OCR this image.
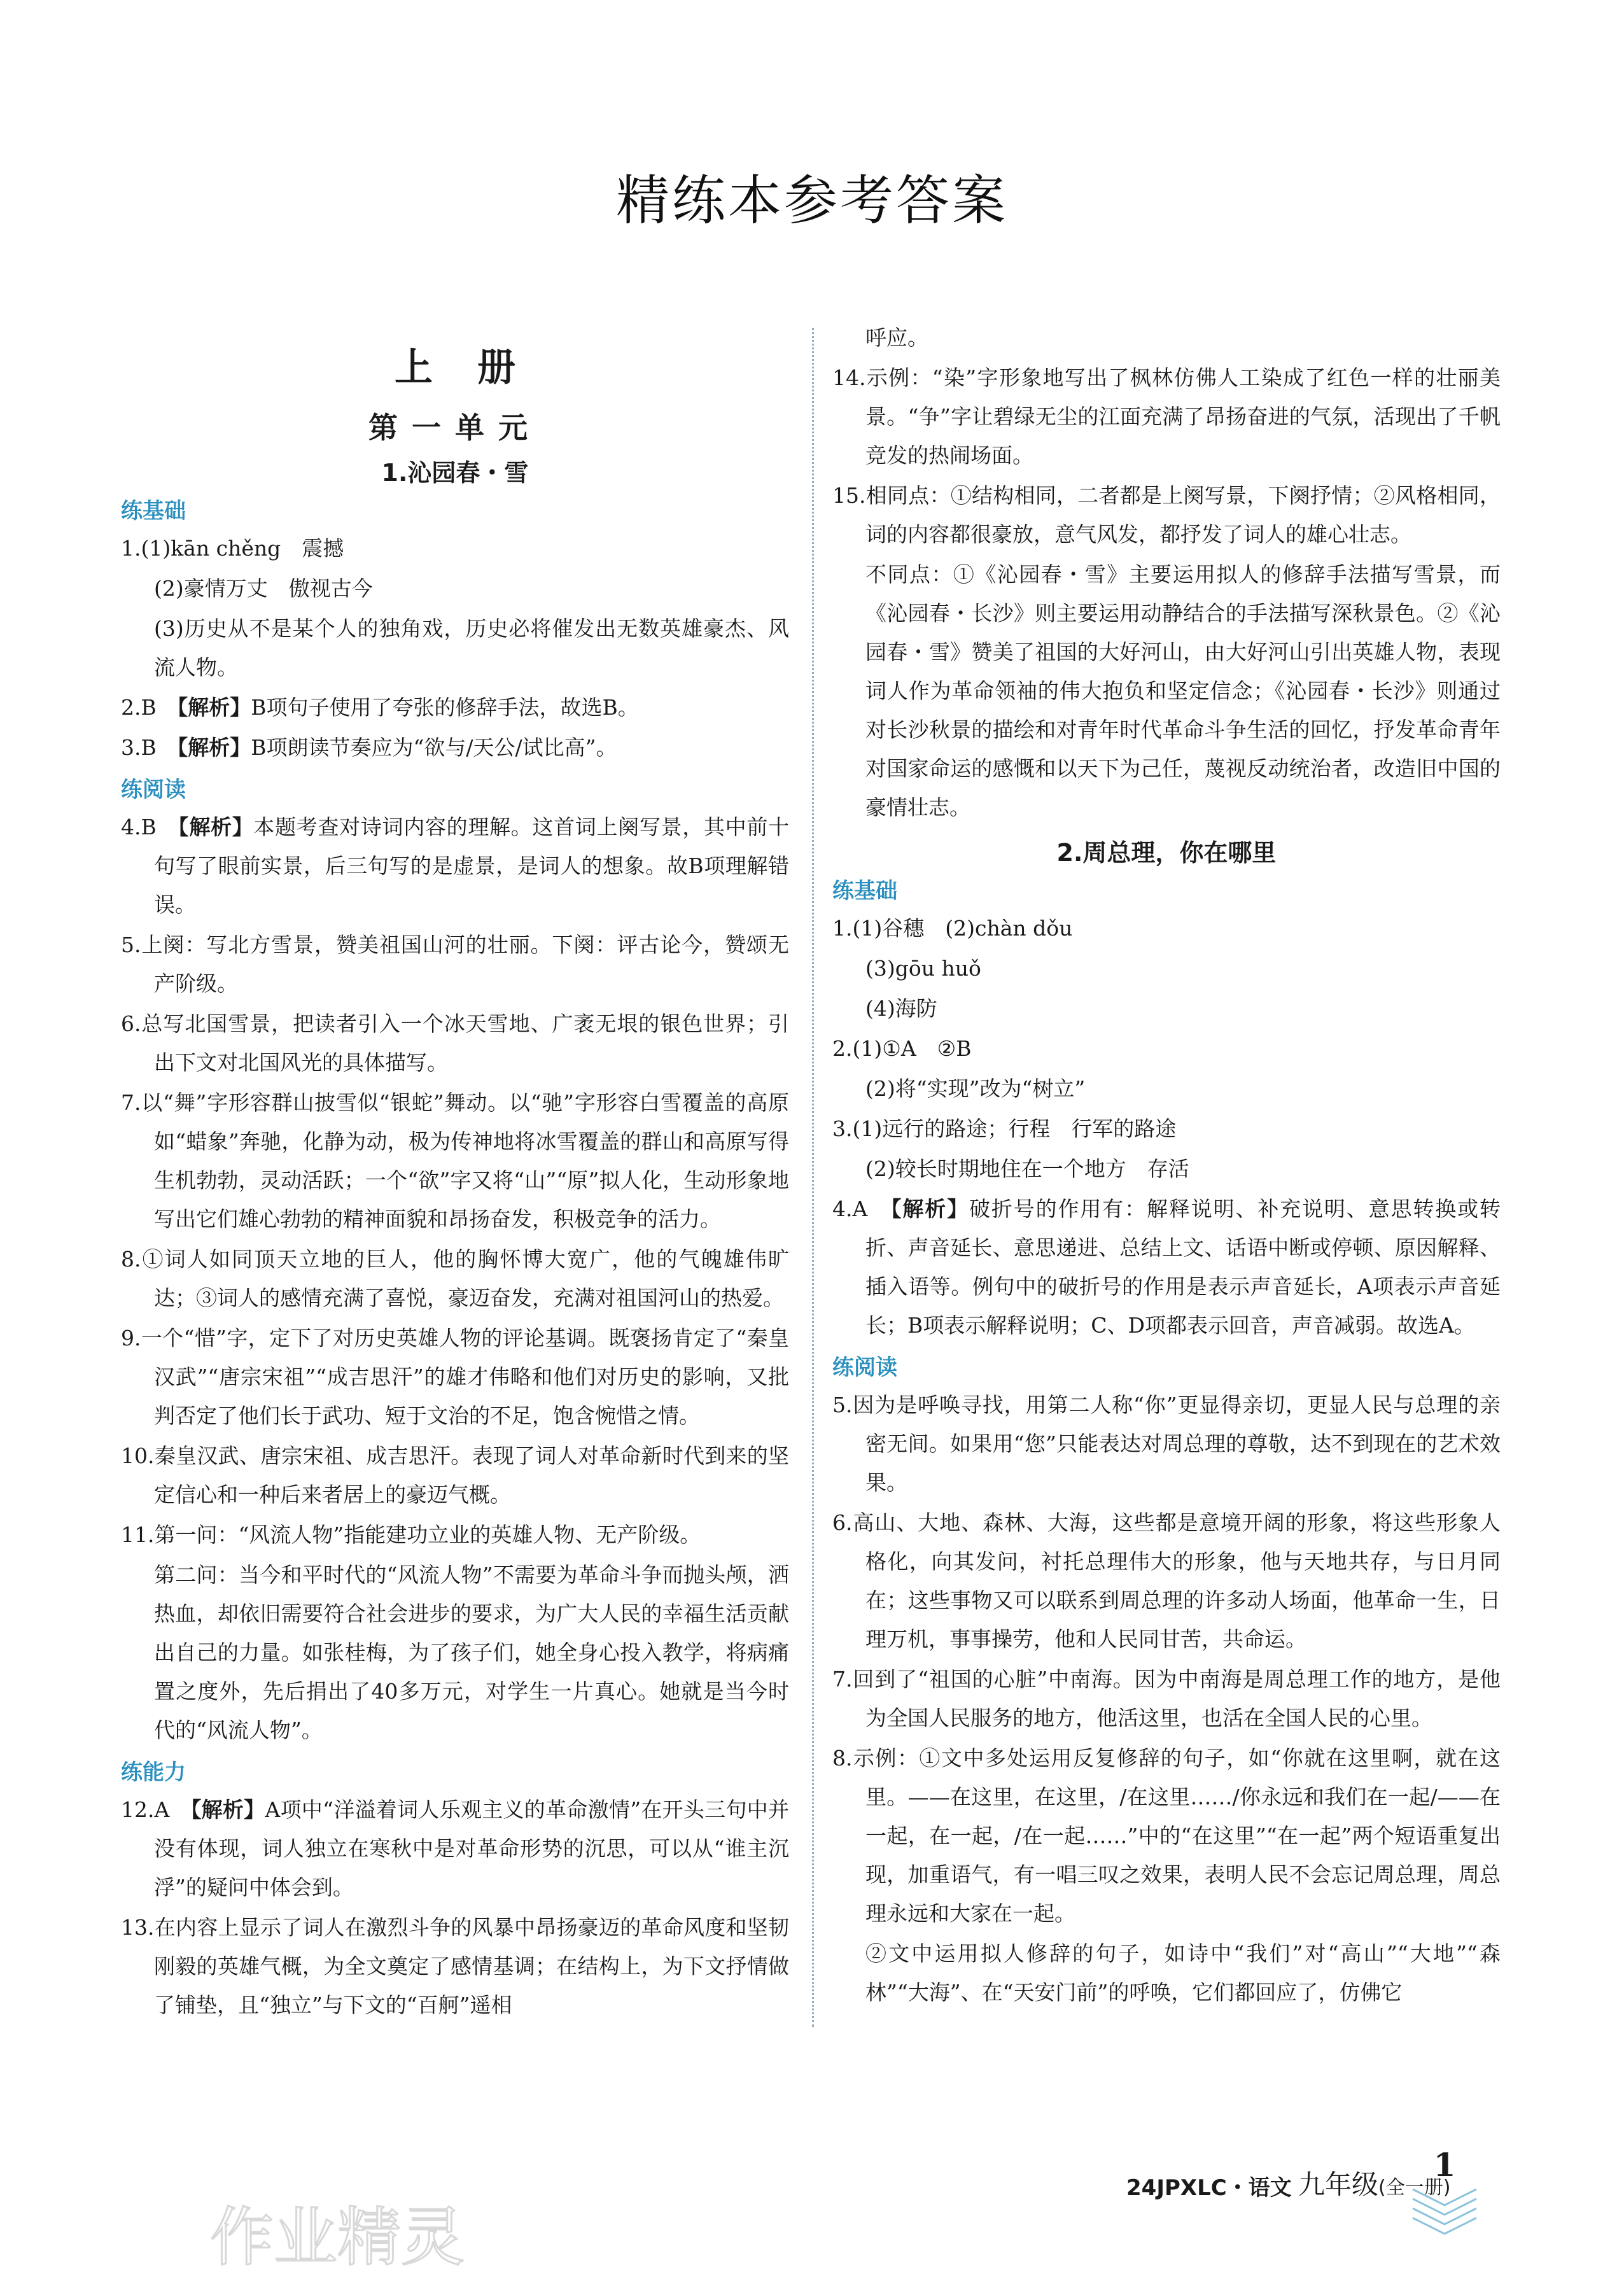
精练本参考答案
上册
第一单元
1.沁园春・雪
练基础

1.(1)kān chěng　震撼

(2)豪情万丈　傲视古今

(3)历史从不是某个人的独角戏，历史必将催发出无数英雄豪杰、风流人物。

2.B　【解析】B项句子使用了夸张的修辞手法，故选B。

3.B　【解析】B项朗读节奏应为“欲与/天公/试比高”。

练阅读

4.B　【解析】本题考查对诗词内容的理解。这首词上阕写景，其中前十句写了眼前实景，后三句写的是虚景，是词人的想象。故B项理解错误。

5.上阕：写北方雪景，赞美祖国山河的壮丽。下阕：评古论今，赞颂无产阶级。

6.总写北国雪景，把读者引入一个冰天雪地、广袤无垠的银色世界；引出下文对北国风光的具体描写。

7.以“舞”字形容群山披雪似“银蛇”舞动。以“驰”字形容白雪覆盖的高原如“蜡象”奔驰，化静为动，极为传神地将冰雪覆盖的群山和高原写得生机勃勃，灵动活跃；一个“欲”字又将“山”“原”拟人化，生动形象地写出它们雄心勃勃的精神面貌和昂扬奋发，积极竞争的活力。

8.①词人如同顶天立地的巨人，他的胸怀博大宽广，他的气魄雄伟旷达；③词人的感情充满了喜悦，豪迈奋发，充满对祖国河山的热爱。

9.一个“惜”字，定下了对历史英雄人物的评论基调。既褒扬肯定了“秦皇汉武”“唐宗宋祖”“成吉思汗”的雄才伟略和他们对历史的影响，又批判否定了他们长于武功、短于文治的不足，饱含惋惜之情。

10.秦皇汉武、唐宗宋祖、成吉思汗。表现了词人对革命新时代到来的坚定信心和一种后来者居上的豪迈气概。

11.第一问：“风流人物”指能建功立业的英雄人物、无产阶级。

第二问：当今和平时代的“风流人物”不需要为革命斗争而抛头颅，洒热血，却依旧需要符合社会进步的要求，为广大人民的幸福生活贡献出自己的力量。如张桂梅，为了孩子们，她全身心投入教学，将病痛置之度外，先后捐出了40多万元，对学生一片真心。她就是当今时代的“风流人物”。

练能力

12.A　【解析】A项中“洋溢着词人乐观主义的革命激情”在开头三句中并没有体现，词人独立在寒秋中是对革命形势的沉思，可以从“谁主沉浮”的疑问中体会到。

13.在内容上显示了词人在激烈斗争的风暴中昂扬豪迈的革命风度和坚韧刚毅的英雄气概，为全文奠定了感情基调；在结构上，为下文抒情做了铺垫，且“独立”与下文的“百舸”遥相

呼应。

14.示例：“染”字形象地写出了枫林仿佛人工染成了红色一样的壮丽美景。“争”字让碧绿无尘的江面充满了昂扬奋进的气氛，活现出了千帆竞发的热闹场面。

15.相同点：①结构相同，二者都是上阕写景，下阕抒情；②风格相同，词的内容都很豪放，意气风发，都抒发了词人的雄心壮志。

不同点：①《沁园春・雪》主要运用拟人的修辞手法描写雪景，而《沁园春・长沙》则主要运用动静结合的手法描写深秋景色。②《沁园春・雪》赞美了祖国的大好河山，由大好河山引出英雄人物，表现词人作为革命领袖的伟大抱负和坚定信念；《沁园春・长沙》则通过对长沙秋景的描绘和对青年时代革命斗争生活的回忆，抒发革命青年对国家命运的感慨和以天下为己任，蔑视反动统治者，改造旧中国的豪情壮志。

2.周总理，你在哪里
练基础

1.(1)谷穗　(2)chàn dǒu

(3)gōu huǒ

(4)海防

2.(1)①A　②B

(2)将“实现”改为“树立”

3.(1)远行的路途；行程　行军的路途

(2)较长时期地住在一个地方　存活

4.A　【解析】破折号的作用有：解释说明、补充说明、意思转换或转折、声音延长、意思递进、总结上文、话语中断或停顿、原因解释、插入语等。例句中的破折号的作用是表示声音延长，A项表示声音延长；B项表示解释说明；C、D项都表示回音，声音减弱。故选A。

练阅读

5.因为是呼唤寻找，用第二人称“你”更显得亲切，更显人民与总理的亲密无间。如果用“您”只能表达对周总理的尊敬，达不到现在的艺术效果。

6.高山、大地、森林、大海，这些都是意境开阔的形象，将这些形象人格化，向其发问，衬托总理伟大的形象，他与天地共存，与日月同在；这些事物又可以联系到周总理的许多动人场面，他革命一生，日理万机，事事操劳，他和人民同甘苦，共命运。

7.回到了“祖国的心脏”中南海。因为中南海是周总理工作的地方，是他为全国人民服务的地方，他活这里，也活在全国人民的心里。

8.示例：①文中多处运用反复修辞的句子，如“你就在这里啊，就在这里。——在这里，在这里，/在这里……/你永远和我们在一起/——在一起，在一起，/在一起……”中的“在这里”“在一起”两个短语重复出现，加重语气，有一唱三叹之效果，表明人民不会忘记周总理，周总理永远和大家在一起。

②文中运用拟人修辞的句子，如诗中“我们”对“高山”“大地”“森林”“大海”、在“天安门前”的呼唤，它们都回应了，仿佛它

24JPXLC・语文 九年级(全一册)
1
作业精灵
